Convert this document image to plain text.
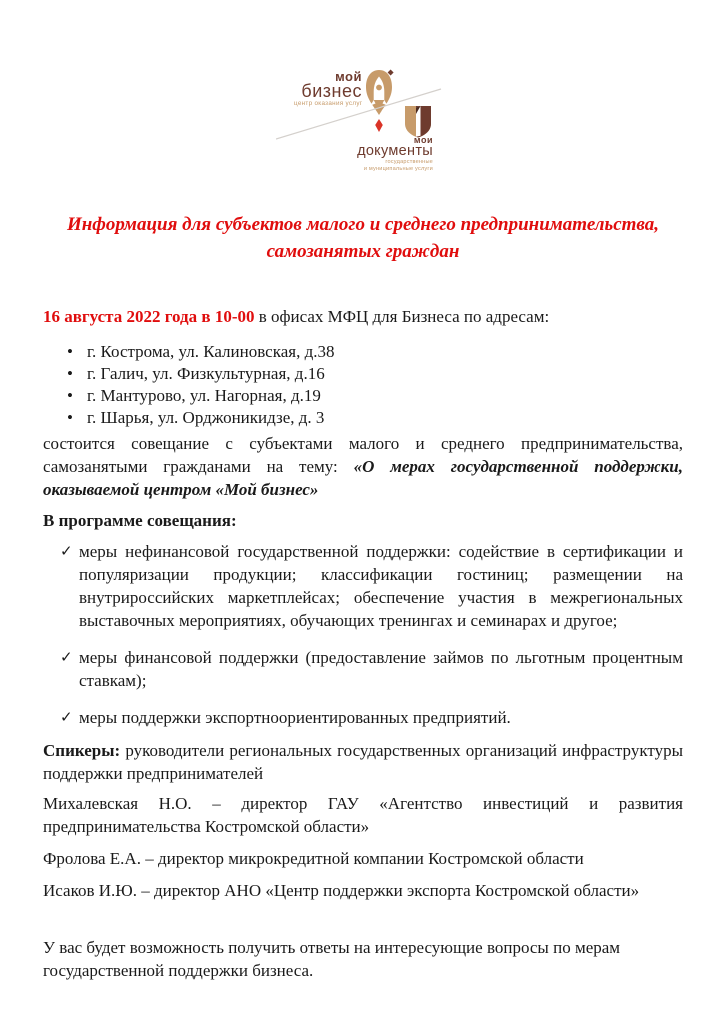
мой
бизнес
центр оказания услуг
мои
документы
государственные
и муниципальные услуги
Информация для субъектов малого и среднего предпринимательства,
самозанятых граждан

16 августа 2022 года в 10-00 в офисах МФЦ для Бизнеса по адресам:

• г. Кострома, ул. Калиновская, д.38
• г. Галич, ул. Физкультурная, д.16
• г. Мантурово, ул. Нагорная, д.19
• г. Шарья, ул. Орджоникидзе, д. 3

состоится совещание с субъектами малого и среднего предпринимательства, самозанятыми гражданами на тему: «О мерах государственной поддержки, оказываемой центром «Мой бизнес»

В программе совещания:

✓ меры нефинансовой государственной поддержки: содействие в сертификации и популяризации продукции; классификации гостиниц; размещении на внутрироссийских маркетплейсах; обеспечение участия в межрегиональных выставочных мероприятиях, обучающих тренингах и семинарах и другое;
✓ меры финансовой поддержки (предоставление займов по льготным процентным ставкам);
✓ меры поддержки экспортноориентированных предприятий.

Спикеры: руководители региональных государственных организаций инфраструктуры поддержки предпринимателей

Михалевская Н.О. – директор ГАУ «Агентство инвестиций и развития предпринимательства Костромской области»

Фролова Е.А. – директор микрокредитной компании Костромской области

Исаков И.Ю. – директор АНО «Центр поддержки экспорта Костромской области»

У вас будет возможность получить ответы на интересующие вопросы по мерам
государственной поддержки бизнеса.
